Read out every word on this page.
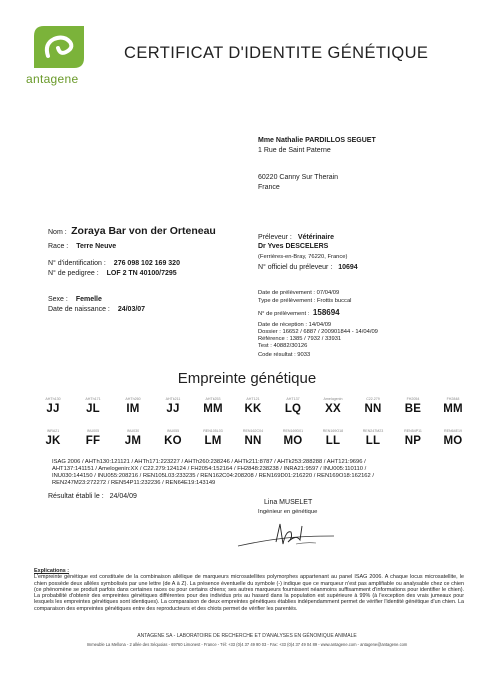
antagene
CERTIFICAT D'IDENTITE GÉNÉTIQUE
Mme Nathalie PARDILLOS SEGUET
1 Rue de Saint Paterne
60220 Canny Sur Therain
France
Nom : Zoraya Bar von der Orteneau
Race : Terre Neuve
N° d'identification : 276 098 102 169 320
N° de pedigree : LOF 2 TN 40100/7295
Sexe : Femelle
Date de naissance : 24/03/07
Préleveur : Vétérinaire
Dr Yves DESCELERS
(Ferrières-en-Bray, 76220, France)
N° officiel du préleveur : 10694
Date de prélèvement : 07/04/09
Type de prélèvement : Frottis buccal
N° de prélèvement : 158694
Date de réception : 14/04/09
Dossier : 16652 / 6887 / 200901844 - 14/04/09
Référence : 1385 / 7932 / 33931
Test : 40882/30126
Code résultat : 9033
Empreinte génétique
AHTh130
JJ
AHTh171
JL
AHTh260
IM
AHTk211
JJ
AHTk253
MM
AHT121
KK
AHT137
LQ
Amelogenin
XX
C22.279
NN
FH2054
BE
FH2848
MM
INRA21
JK
INU005
FF
INU030
JM
INU055
KO
REN105L03
LM
REN162C04
NN
REN169D01
MO
REN169O18
LL
REN247M23
LL
REN54P11
NP
REN64E19
MO
ISAG 2006 / AHTh130:121121 / AHTh171:223227 / AHTh260:238246 / AHTk211:8787 / AHTk253:288288 / AHT121:9696 /
AHT137:141151 / Amelogenin:XX / C22.279:124124 / FH2054:152164 / FH2848:238238 / INRA21:9597 / INU005:110110 /
INU030:144150 / INU055:208216 / REN105L03:233235 / REN162C04:208208 / REN169D01:216220 / REN169O18:162162 /
REN247M23:272272 / REN54P11:232236 / REN64E19:143149
Résultat établi le : 24/04/09
Lina MUSELET
Ingénieur en génétique
Explications :
L'empreinte génétique est constituée de la combinaison allélique de marqueurs microsatellites polymorphes appartenant au panel ISAG 2006. A chaque locus microsatellite, le chien possède deux allèles symbolisés par une lettre (de A à Z). La présence éventuelle du symbole (-) indique que ce marqueur n'est pas amplifiable ou analysable chez ce chien (ce phénomène se produit parfois dans certaines races ou pour certains chiens; ses autres marqueurs fournissent néanmoins suffisamment d'informations pour identifier le chien). La probabilité d'obtenir des empreintes génétiques différentes pour des individus pris au hasard dans la population est supérieure à 99% (à l'exception des vrais jumeaux pour lesquels les empreintes génétiques sont identiques). La comparaison de deux empreintes génétiques établies indépendamment permet de vérifier l'identité génétique d'un chien. La comparaison des empreintes génétiques entre des reproducteurs et des chiots permet de vérifier les parentés.
ANTAGENE SA - LABORATOIRE DE RECHERCHE ET D'ANALYSES EN GÉNOMIQUE ANIMALE
Immeuble La Mellona - 2 allée des Séquoias - 69760 Limonest - France - Tél: +33 (0)4 37 49 90 03 - Fax: +33 (0)4 37 49 04 89 - www.antagene.com - antagene@antagene.com
